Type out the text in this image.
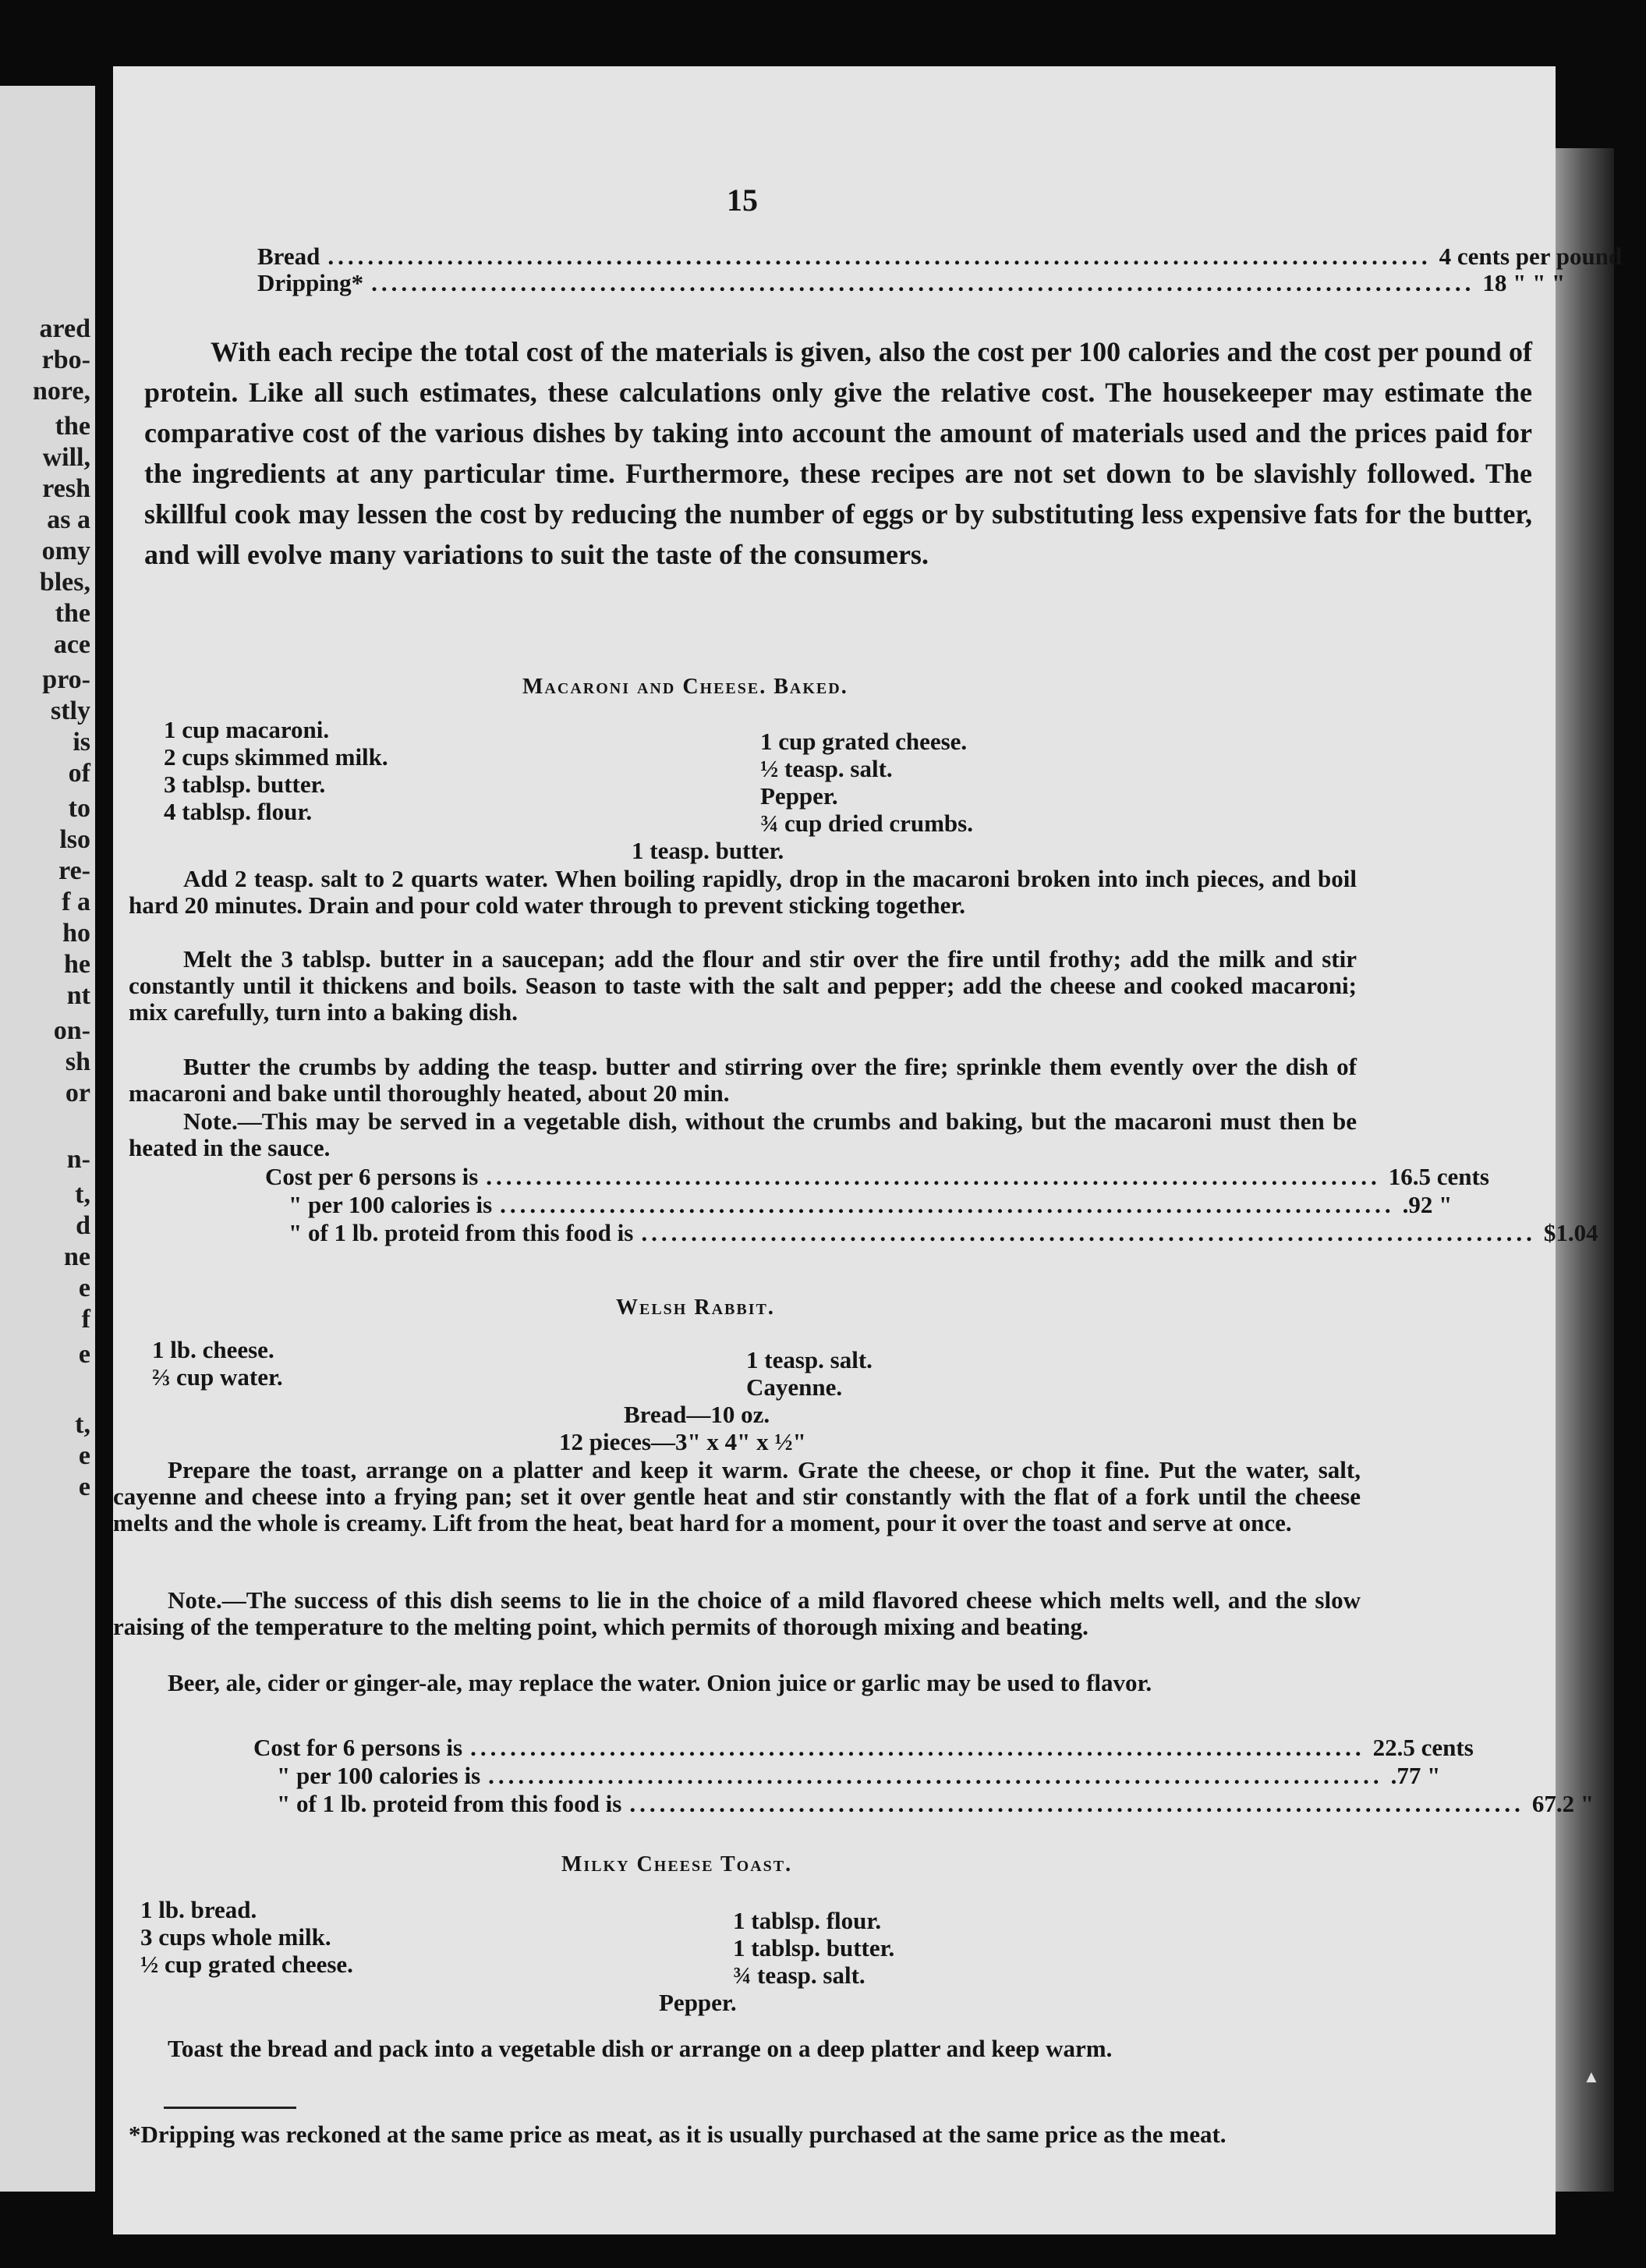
ared
rbo-
nore,
the
will,
resh
as a
omy
bles,
the
ace
pro-
stly
is
of
to
lso
re-
f a
ho
he
nt
on-
sh
or
n-
t,
d
ne
e
f
e
t,
e
e
▲
15
Bread ............................................................................................................... 4 cents per pound
Dripping* ............................................................................................................... 18 " " "
With each recipe the total cost of the materials is given, also the cost per 100 calories and the cost per pound of protein. Like all such estimates, these calculations only give the relative cost. The housekeeper may estimate the comparative cost of the various dishes by taking into account the amount of materials used and the prices paid for the ingredients at any particular time. Furthermore, these recipes are not set down to be slavishly followed. The skillful cook may lessen the cost by reducing the number of eggs or by substituting less expensive fats for the butter, and will evolve many variations to suit the taste of the consumers.
Macaroni and Cheese. Baked.
1 cup macaroni.
2 cups skimmed milk.
3 tablsp. butter.
4 tablsp. flour.
1 cup grated cheese.
½ teasp. salt.
Pepper.
¾ cup dried crumbs.
1 teasp. butter.
Add 2 teasp. salt to 2 quarts water. When boiling rapidly, drop in the macaroni broken into inch pieces, and boil hard 20 minutes. Drain and pour cold water through to prevent sticking together.
Melt the 3 tablsp. butter in a saucepan; add the flour and stir over the fire until frothy; add the milk and stir constantly until it thickens and boils. Season to taste with the salt and pepper; add the cheese and cooked macaroni; mix carefully, turn into a baking dish.
Butter the crumbs by adding the teasp. butter and stirring over the fire; sprinkle them evently over the dish of macaroni and bake until thoroughly heated, about 20 min.
Note.—This may be served in a vegetable dish, without the crumbs and baking, but the macaroni must then be heated in the sauce.
Cost per 6 persons is .......................................................................................... 16.5 cents
" per 100 calories is .......................................................................................... .92 "
" of 1 lb. proteid from this food is .......................................................................................... $1.04
Welsh Rabbit.
1 lb. cheese.
⅔ cup water.
1 teasp. salt.
Cayenne.
Bread—10 oz.
12 pieces—3" x 4" x ½"
Prepare the toast, arrange on a platter and keep it warm. Grate the cheese, or chop it fine. Put the water, salt, cayenne and cheese into a frying pan; set it over gentle heat and stir constantly with the flat of a fork until the cheese melts and the whole is creamy. Lift from the heat, beat hard for a moment, pour it over the toast and serve at once.
Note.—The success of this dish seems to lie in the choice of a mild flavored cheese which melts well, and the slow raising of the temperature to the melting point, which permits of thorough mixing and beating.
Beer, ale, cider or ginger-ale, may replace the water. Onion juice or garlic may be used to flavor.
Cost for 6 persons is .......................................................................................... 22.5 cents
" per 100 calories is .......................................................................................... .77 "
" of 1 lb. proteid from this food is .......................................................................................... 67.2 "
Milky Cheese Toast.
1 lb. bread.
3 cups whole milk.
½ cup grated cheese.
1 tablsp. flour.
1 tablsp. butter.
¾ teasp. salt.
Pepper.
Toast the bread and pack into a vegetable dish or arrange on a deep platter and keep warm.
*Dripping was reckoned at the same price as meat, as it is usually purchased at the same price as the meat.
